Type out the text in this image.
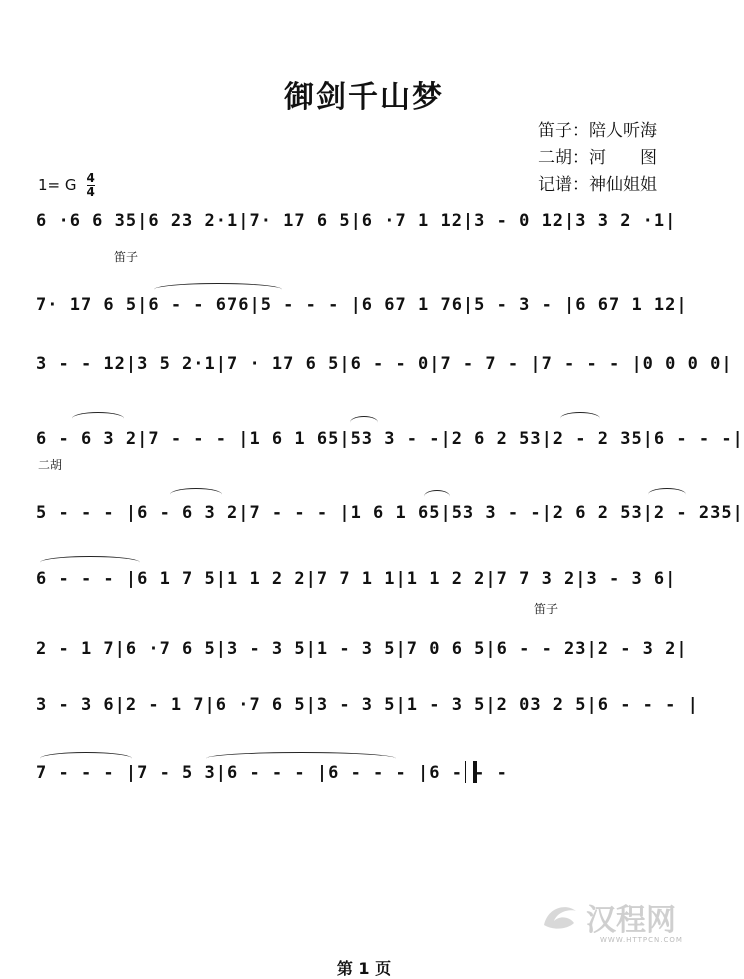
御剑千山梦
笛子：陪人听海
二胡：河　　图
记谱：神仙姐姐
1= G 4
4
6 ·6 6 35|6 23 2·1|7· 17 6 5|6 ·7 1 12|3 - 0 12|3 3 2 ·1|
笛子
7· 17 6 5|6 - - 676|5 - - - |6 67 1 76|5 - 3 - |6 67 1 12|
3 - - 12|3 5 2·1|7 · 17 6 5|6 - - 0|7 - 7 - |7 - - - |0 0 0 0|
6 - 6 3 2|7 - - - |1 6 1 65|53 3 - -|2 6 2 53|2 - 2 35|6 - - -|
二胡
5 - - - |6 - 6 3 2|7 - - - |1 6 1 65|53 3 - -|2 6 2 53|2 - 235|
6 - - - |6 1 7 5|1 1 2 2|7 7 1 1|1 1 2 2|7 7 3 2|3 - 3 6|
笛子
2 - 1 7|6 ·7 6 5|3 - 3 5|1 - 3 5|7 0 6 5|6 - - 23|2 - 3 2|
3 - 3 6|2 - 1 7|6 ·7 6 5|3 - 3 5|1 - 3 5|2 03 2 5|6 - - - |
7 - - - |7 - 5 3|6 - - - |6 - - - |6 - - -
汉程网
WWW.HTTPCN.COM
第 1 页
